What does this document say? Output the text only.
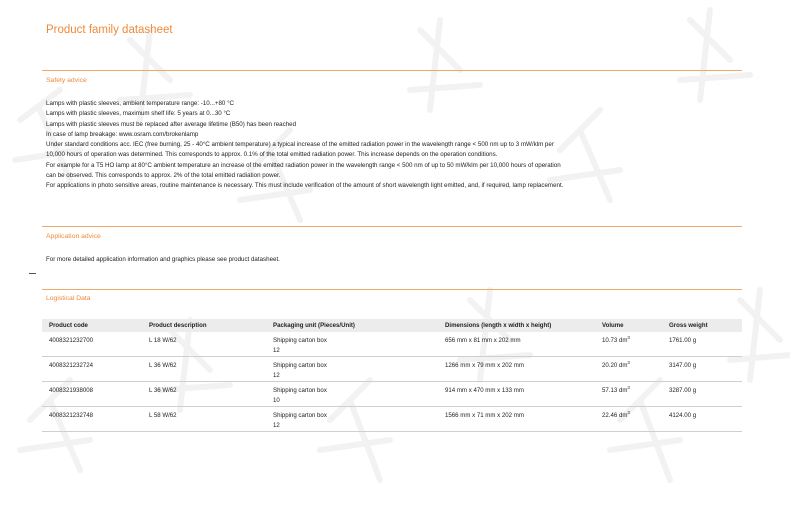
Product family datasheet
Safety advice
Lamps with plastic sleeves, ambient temperature range: -10...+80 °C
Lamps with plastic sleeves, maximum shelf life: 5 years at 0...30 °C
Lamps with plastic sleeves must be replaced after average lifetime (B50) has been reached
In case of lamp breakage: www.osram.com/brokenlamp
Under standard conditions acc. IEC (free burning, 25 - 40°C ambient temperature) a typical increase of the emitted radiation power in the wavelength range < 500 nm up to 3 mW/klm per
10,000 hours of operation was determined. This corresponds to approx. 0.1% of the total emitted radiation power. This increase depends on the operation conditions.
For example for a T5 HO lamp at 80°C ambient temperature an increase of the emitted radiation power in the wavelength range < 500 nm of up to 50 mW/klm per 10,000 hours of operation
can be observed. This corresponds to approx. 2% of the total emitted radiation power.
For applications in photo sensitive areas, routine maintenance is necessary. This must include verification of the amount of short wavelength light emitted, and, if required, lamp replacement.
Application advice
For more detailed application information and graphics please see product datasheet.
Logistical Data
Product code	Product description	Packaging unit (Pieces/Unit)	Dimensions (length x width x height)	Volume	Gross weight
4008321232700	L 18 W/62	Shipping carton box
12	656 mm x 81 mm x 202 mm	10.73 $dm^3$	1761.00 g
4008321232724	L 36 W/62	Shipping carton box
12	1266 mm x 79 mm x 202 mm	20.20 $dm^3$	3147.00 g
4008321938008	L 36 W/62	Shipping carton box
10	914 mm x 470 mm x 133 mm	57.13 $dm^3$	3287.00 g
4008321232748	L 58 W/62	Shipping carton box
12	1566 mm x 71 mm x 202 mm	22.46 $dm^3$	4124.00 g
